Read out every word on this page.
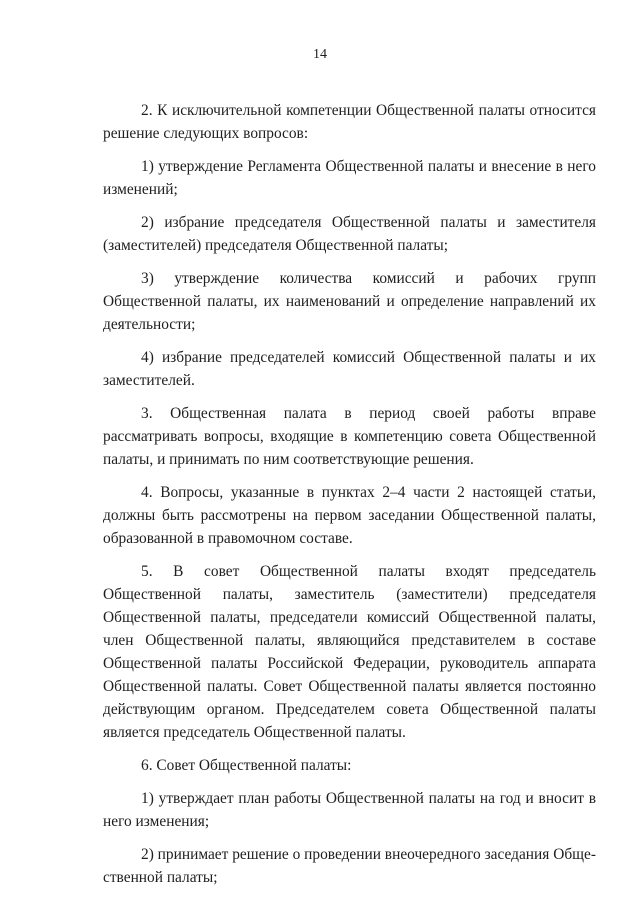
14

2. К исключительной компетенции Общественной палаты относится решение следующих вопросов:

1) утверждение Регламента Общественной палаты и внесение в него изменений;

2) избрание председателя Общественной палаты и заместителя (заместителей) председателя Общественной палаты;

3) утверждение количества комиссий и рабочих групп Общественной палаты, их наименований и определение направлений их деятельности;

4) избрание председателей комиссий Общественной палаты и их заместителей.

3. Общественная палата в период своей работы вправе рассматривать вопросы, входящие в компетенцию совета Общественной палаты, и принимать по ним соответствующие решения.

4. Вопросы, указанные в пунктах 2–4 части 2 настоящей статьи, должны быть рассмотрены на первом заседании Общественной палаты, образованной в правомочном составе.

5. В совет Общественной палаты входят председатель Общественной палаты, заместитель (заместители) председателя Общественной палаты, председатели комиссий Общественной палаты, член Общественной палаты, являющийся представителем в составе Общественной палаты Российской Федерации, руководитель аппарата Общественной палаты. Совет Общественной палаты является постоянно действующим органом. Председателем совета Общественной палаты является председатель Общественной палаты.

6. Совет Общественной палаты:

1) утверждает план работы Общественной палаты на год и вносит в него изменения;

2) принимает решение о проведении внеочередного заседания Общественной палаты;
